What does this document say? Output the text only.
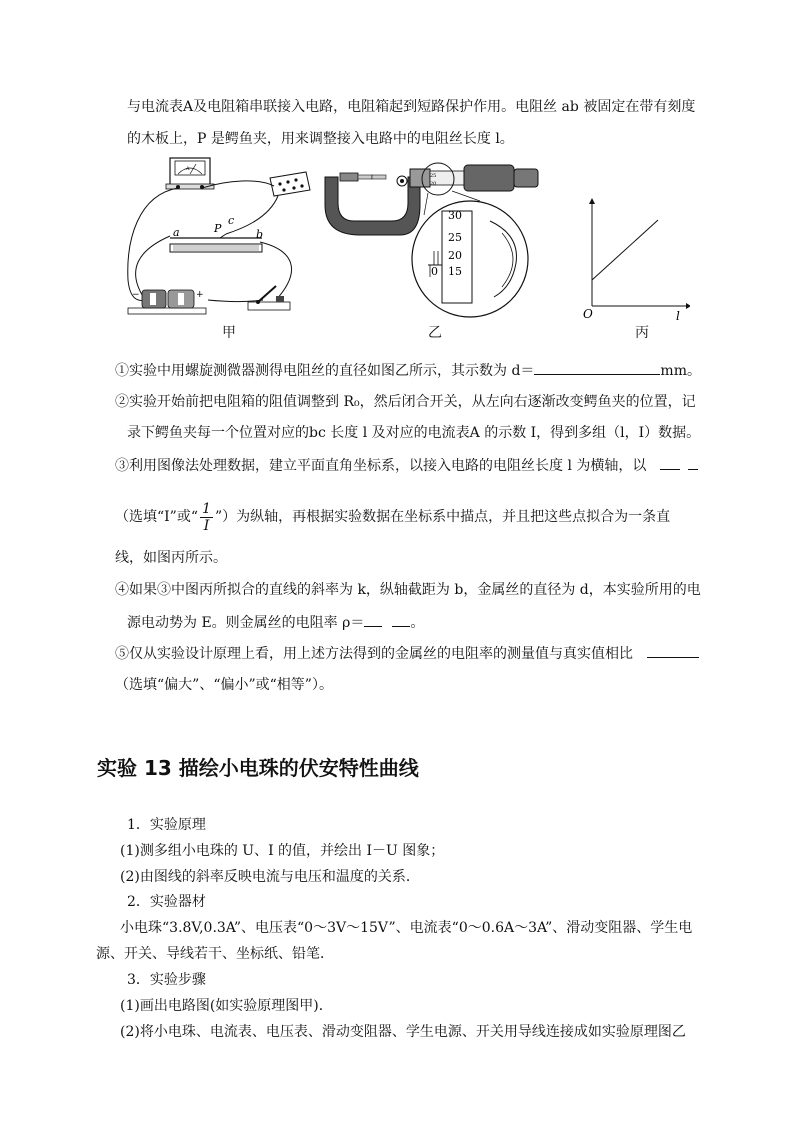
与电流表A及电阻箱串联接入电路，电阻箱起到短路保护作用。电阻丝 ab 被固定在带有刻度
的木板上，P 是鳄鱼夹，用来调整接入电路中的电阻丝长度 l。
A
a	b
c
P
−	+
甲
25
20
30
25
20
15
0
乙
O	l
丙
①实验中用螺旋测微器测得电阻丝的直径如图乙所示，其示数为 d＝	mm。
②实验开始前把电阻箱的阻值调整到 R₀，然后闭合开关，从左向右逐渐改变鳄鱼夹的位置，记
录下鳄鱼夹每一个位置对应的bc 长度 l 及对应的电流表A 的示数 I，得到多组（l，I）数据。
③利用图像法处理数据，建立平面直角坐标系，以接入电路的电阻丝长度 l 为横轴，以
（选填“I”或“ $\frac{1}{I}$ ”）为纵轴，再根据实验数据在坐标系中描点，并且把这些点拟合为一条直
线，如图丙所示。
④如果③中图丙所拟合的直线的斜率为 k，纵轴截距为 b，金属丝的直径为 d，本实验所用的电
源电动势为 E。则金属丝的电阻率 ρ＝	。
⑤仅从实验设计原理上看，用上述方法得到的金属丝的电阻率的测量值与真实值相比
（选填“偏大”、“偏小”或“相等”）。
实验 13 描绘小电珠的伏安特性曲线
1．实验原理
(1)测多组小电珠的 U、I 的值，并绘出 I－U 图象；
(2)由图线的斜率反映电流与电压和温度的关系．
2．实验器材
小电珠“3.8V,0.3A”、电压表“0～3V～15V”、电流表“0～0.6A～3A”、滑动变阻器、学生电
源、开关、导线若干、坐标纸、铅笔．
3．实验步骤
(1)画出电路图(如实验原理图甲)．
(2)将小电珠、电流表、电压表、滑动变阻器、学生电源、开关用导线连接成如实验原理图乙
